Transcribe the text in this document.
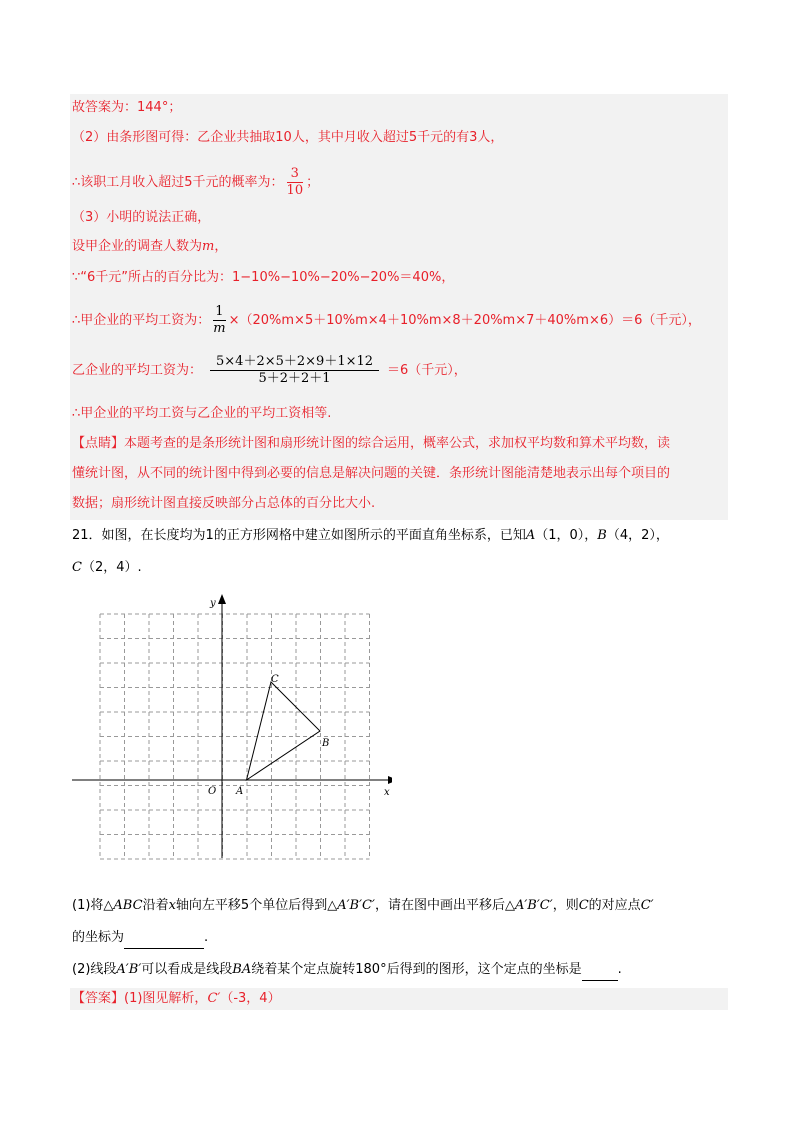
故答案为：144°；
（2）由条形图可得：乙企业共抽取10人，其中月收入超过5千元的有3人，
∴该职工月收入超过5千元的概率为： $\frac{3}{10}$ ；
（3）小明的说法正确，
设甲企业的调查人数为m，
∵“6千元”所占的百分比为：1−10%−10%−20%−20%＝40%，
∴甲企业的平均工资为： $\frac{1}{m} \times(20\%m\times 5+10\%m\times 4+10\%m\times 8+20\%m\times 7+40\%m\times 6)=6$（千元），
乙企业的平均工资为： $\frac{5\times 4+2\times 5+2\times 9+1\times 12}{5+2+2+1} =6$（千元），
∴甲企业的平均工资与乙企业的平均工资相等.
【点睛】本题考查的是条形统计图和扇形统计图的综合运用，概率公式，求加权平均数和算术平均数，读
懂统计图，从不同的统计图中得到必要的信息是解决问题的关键．条形统计图能清楚地表示出每个项目的
数据；扇形统计图直接反映部分占总体的百分比大小.
21．如图，在长度均为1的正方形网格中建立如图所示的平面直角坐标系，已知A（1，0），B（4，2），
C（2，4）.
x
y
O A
B
C
(1)将△ABC沿着x轴向左平移5个单位后得到△A′B′C′，请在图中画出平移后△A′B′C′，则C的对应点C′
的坐标为	.
(2)线段A′B′可以看成是线段BA绕着某个定点旋转180°后得到的图形，这个定点的坐标是	.
【答案】(1)图见解析，C′（-3，4）
